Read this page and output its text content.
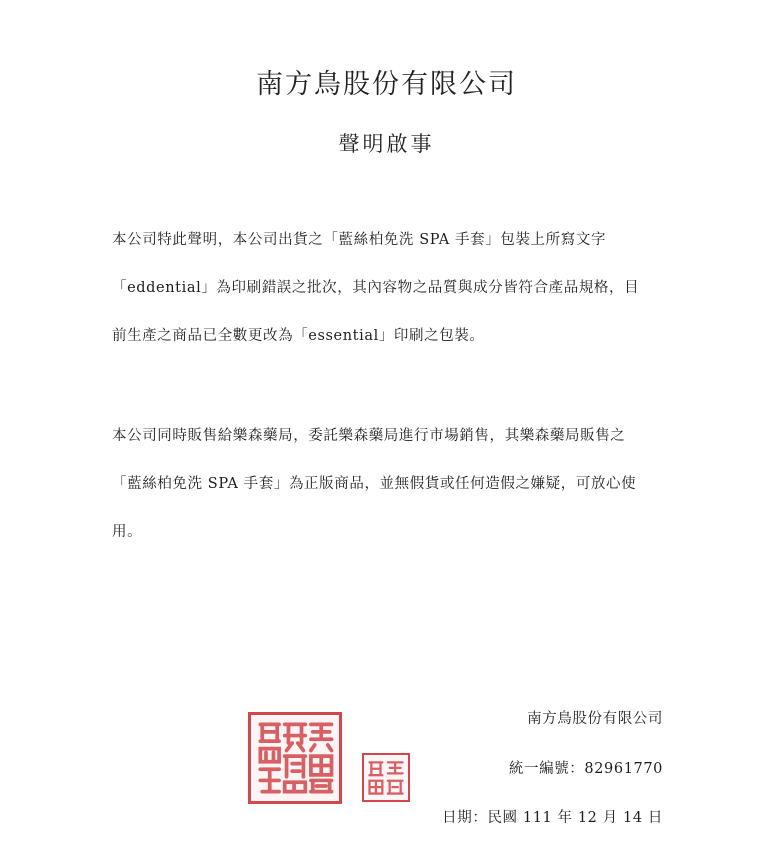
南方鳥股份有限公司
聲明啟事
本公司特此聲明，本公司出貨之「藍絲柏免洗 SPA 手套」包裝上所寫文字
「eddential」為印刷錯誤之批次，其內容物之品質與成分皆符合產品規格，目
前生產之商品已全數更改為「essential」印刷之包裝。
本公司同時販售給樂森藥局，委託樂森藥局進行市場銷售，其樂森藥局販售之
「藍絲柏免洗 SPA 手套」為正版商品，並無假貨或任何造假之嫌疑，可放心使
用。
南方鳥股份有限公司
統一編號：82961770
日期：民國 111 年 12 月 14 日
